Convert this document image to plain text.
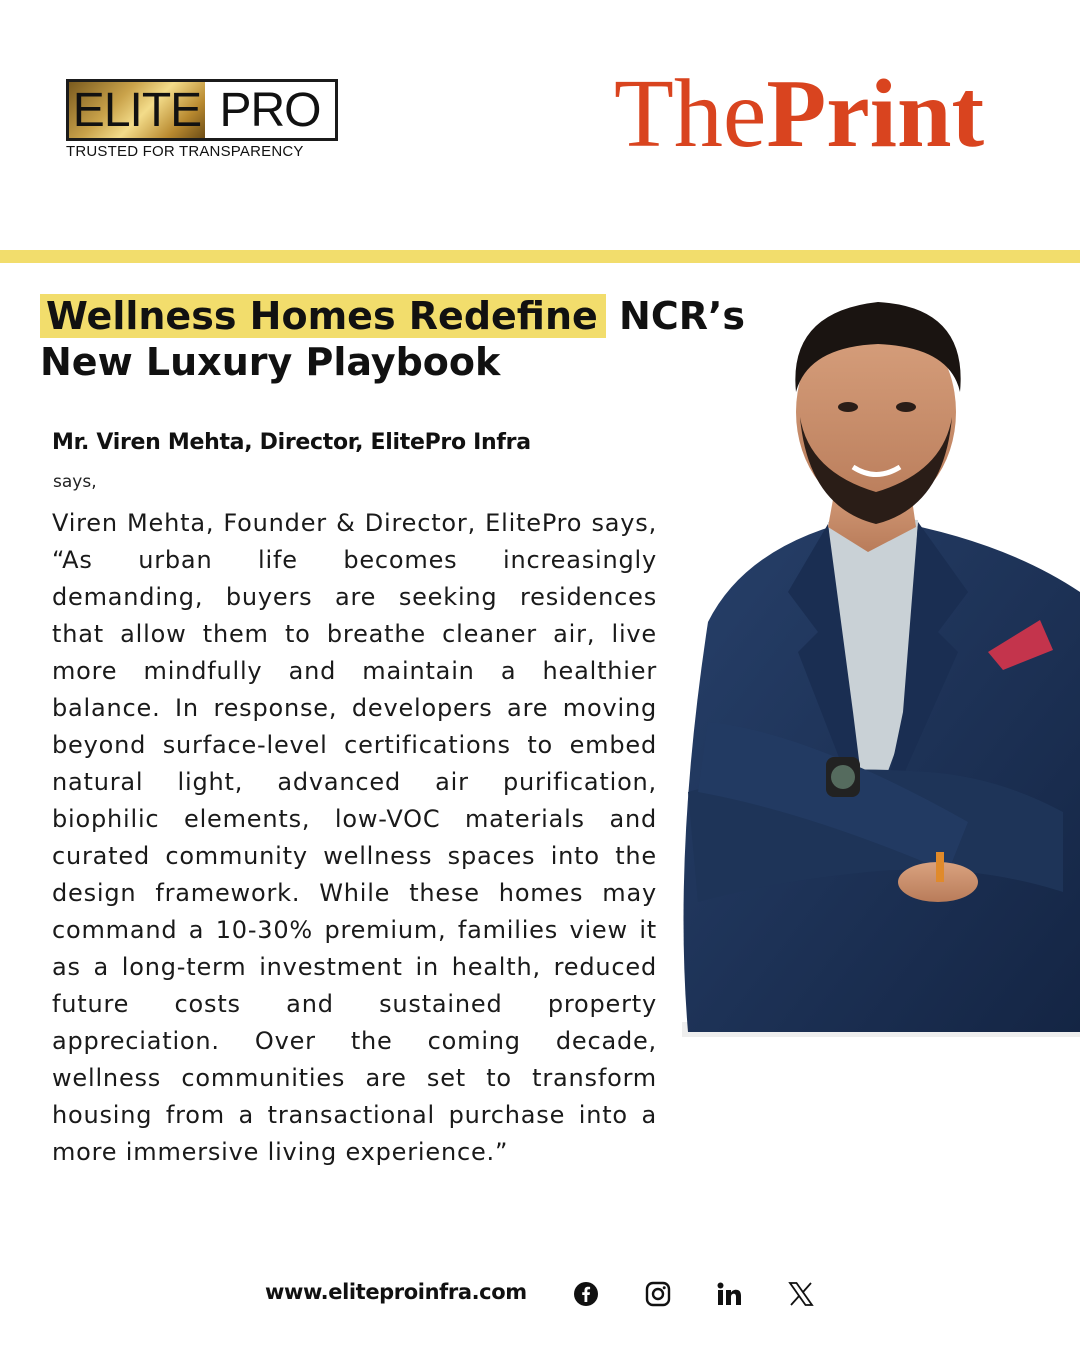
ELITE PRO
TRUSTED FOR TRANSPARENCY	ThePrint
Wellness Homes Redefine NCR’s
New Luxury Playbook
Mr. Viren Mehta, Director, ElitePro Infra
says,
Viren Mehta, Founder & Director, ElitePro says, “As urban life becomes increasingly demanding, buyers are seeking residences that allow them to breathe cleaner air, live more mindfully and maintain a healthier balance. In response, developers are moving beyond surface-level certifications to embed natural light, advanced air purification, biophilic elements, low-VOC materials and curated community wellness spaces into the design framework. While these homes may command a 10-30% premium, families view it as a long-term investment in health, reduced future costs and sustained property appreciation. Over the coming decade, wellness communities are set to transform housing from a transactional purchase into a more immersive living experience.”
www.eliteproinfra.com
